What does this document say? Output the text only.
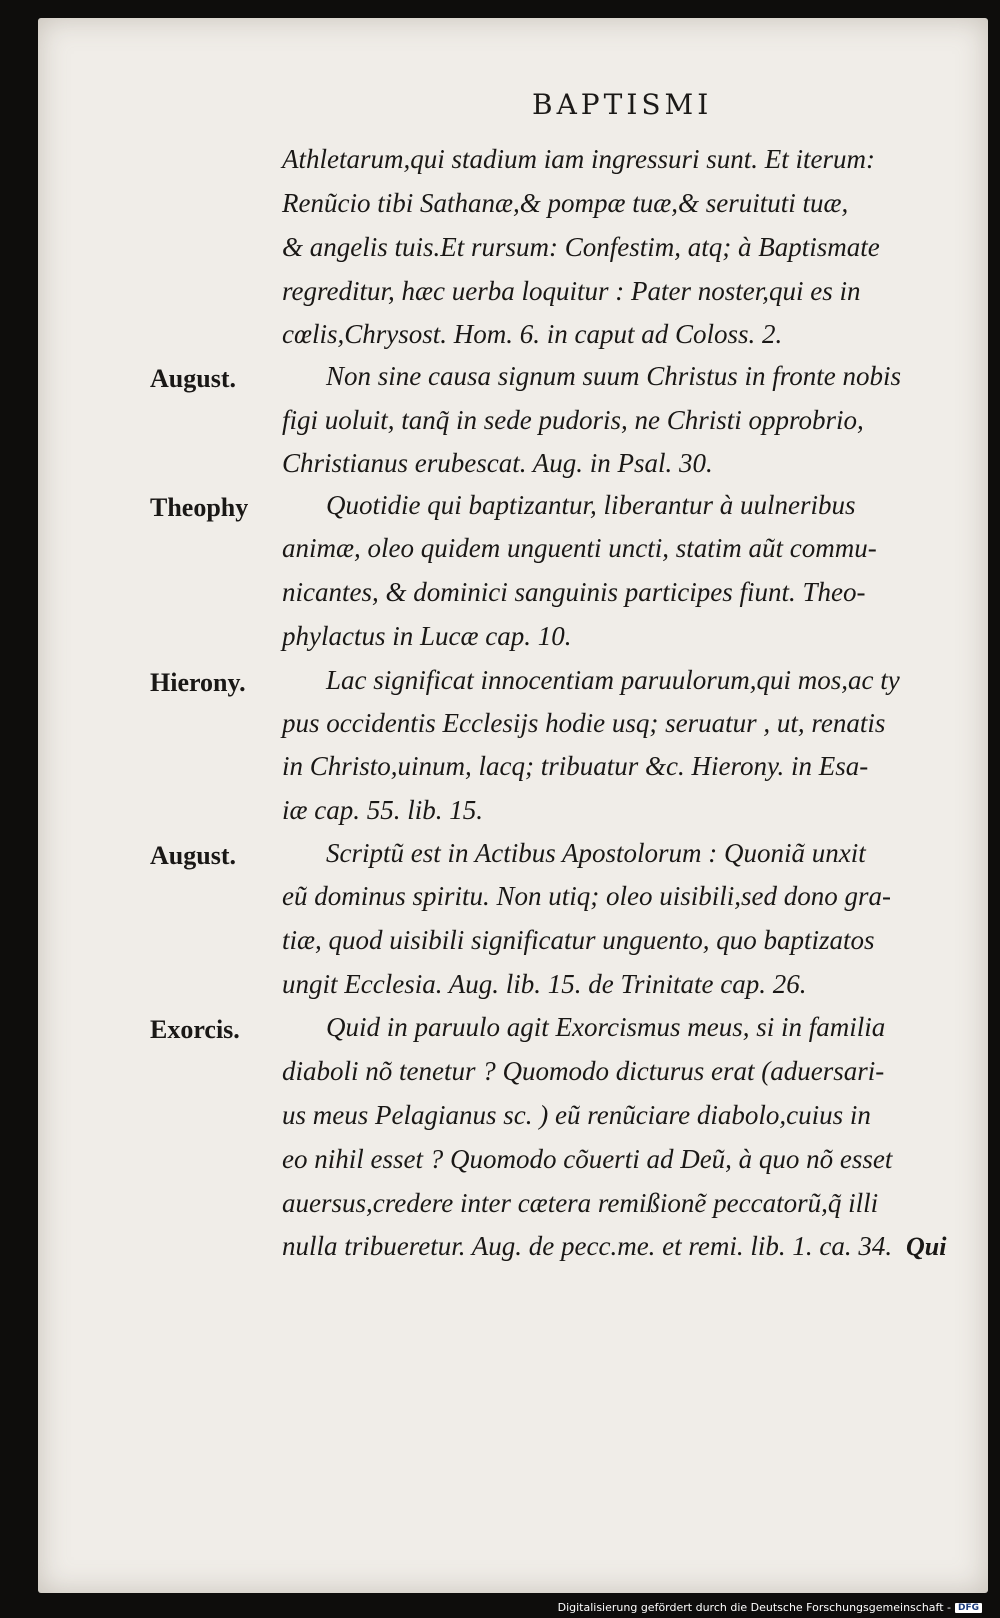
BAPTISMI
Athletarum,qui stadium iam ingressuri sunt. Et iterum:
Renũcio tibi Sathanæ,& pompæ tuæ,& seruituti tuæ,
& angelis tuis.Et rursum: Confestim, atq; à Baptismate
regreditur, hæc uerba loquitur : Pater noster,qui es in
cœlis,Chrysost. Hom. 6. in caput ad Coloss. 2.
Non sine causa signum suum Christus in fronte nobis
figi uoluit, tanq̃ in sede pudoris, ne Christi opprobrio,
Christianus erubescat. Aug. in Psal. 30.
Quotidie qui baptizantur, liberantur à uulneribus
animæ, oleo quidem unguenti uncti, statim aũt commu-
nicantes, & dominici sanguinis participes fiunt. Theo-
phylactus in Lucæ cap. 10.
Lac significat innocentiam paruulorum,qui mos,ac ty
pus occidentis Ecclesijs hodie usq; seruatur , ut, renatis
in Christo,uinum, lacq; tribuatur &c. Hierony. in Esa-
iæ cap. 55. lib. 15.
Scriptũ est in Actibus Apostolorum : Quoniã unxit
eũ dominus spiritu. Non utiq; oleo uisibili,sed dono gra-
tiæ, quod uisibili significatur unguento, quo baptizatos
ungit Ecclesia. Aug. lib. 15. de Trinitate cap. 26.
Quid in paruulo agit Exorcismus meus, si in familia
diaboli nõ tenetur ? Quomodo dicturus erat (aduersari-
us meus Pelagianus sc. ) eũ renũciare diabolo,cuius in
eo nihil esset ? Quomodo cõuerti ad Deũ, à quo nõ esset
auersus,credere inter cætera remißionẽ peccatorũ,q̃ illi
nulla tribueretur. Aug. de pecc.me. et remi. lib. 1. ca. 34.
August.
Theophy
Hierony.
August.
Exorcis.
Qui
Digitalisierung gefördert durch die Deutsche Forschungsgemeinschaft - DFG
